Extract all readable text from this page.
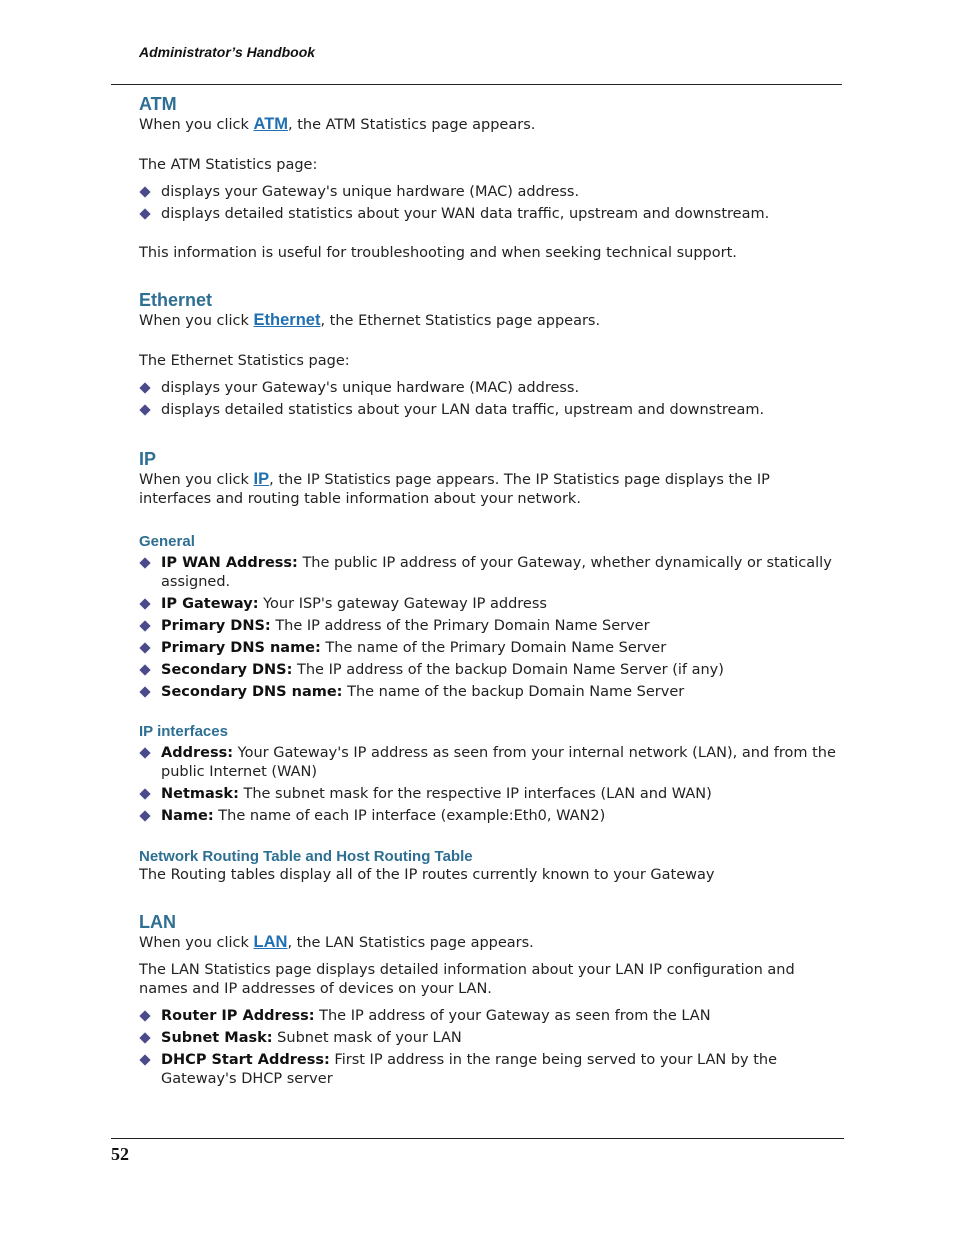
Administrator’s Handbook
ATM

When you click ATM, the ATM Statistics page appears.

The ATM Statistics page:

displays your Gateway's unique hardware (MAC) address.
displays detailed statistics about your WAN data traffic, upstream and downstream.

This information is useful for troubleshooting and when seeking technical support.

Ethernet

When you click Ethernet, the Ethernet Statistics page appears.

The Ethernet Statistics page:

displays your Gateway's unique hardware (MAC) address.
displays detailed statistics about your LAN data traffic, upstream and downstream.
IP

When you click IP, the IP Statistics page appears. The IP Statistics page displays the IP interfaces and routing table information about your network.

General
IP WAN Address: The public IP address of your Gateway, whether dynamically or statically assigned.
IP Gateway: Your ISP's gateway Gateway IP address
Primary DNS: The IP address of the Primary Domain Name Server
Primary DNS name: The name of the Primary Domain Name Server
Secondary DNS: The IP address of the backup Domain Name Server (if any)
Secondary DNS name: The name of the backup Domain Name Server
IP interfaces
Address: Your Gateway's IP address as seen from your internal network (LAN), and from the public Internet (WAN)
Netmask: The subnet mask for the respective IP interfaces (LAN and WAN)
Name: The name of each IP interface (example:Eth0, WAN2)
Network Routing Table and Host Routing Table

The Routing tables display all of the IP routes currently known to your Gateway

LAN

When you click LAN, the LAN Statistics page appears.

The LAN Statistics page displays detailed information about your LAN IP configuration and names and IP addresses of devices on your LAN.

Router IP Address: The IP address of your Gateway as seen from the LAN
Subnet Mask: Subnet mask of your LAN
DHCP Start Address: First IP address in the range being served to your LAN by the Gateway's DHCP server
52
